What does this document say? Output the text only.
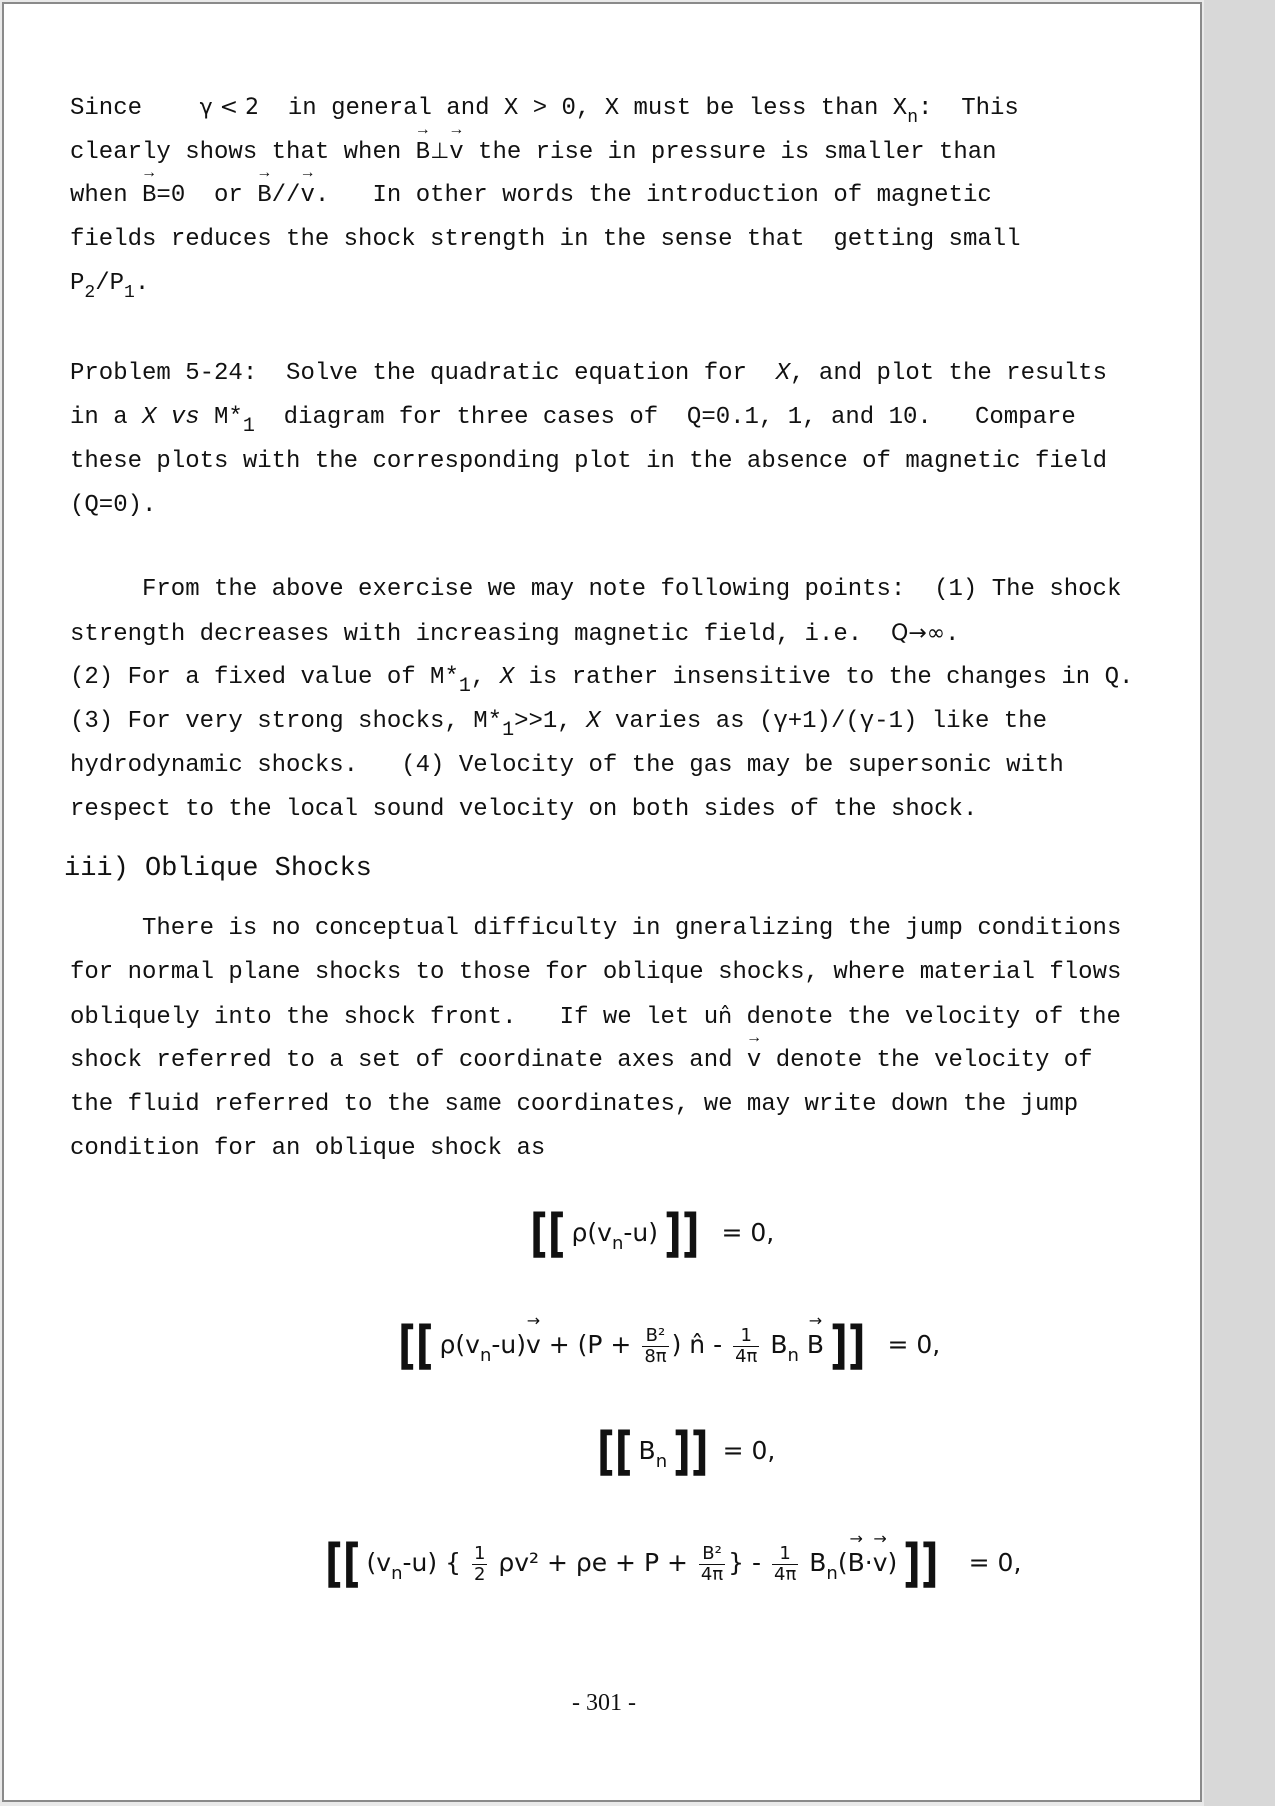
Since	γ < 2 in general and X > 0, X must be less than $X_n$:  This
clearly shows that when → B⊥→ v the rise in pressure is smaller than
when → B=0  or → B//→ v.   In other words the introduction of magnetic
fields reduces the shock strength in the sense that  getting small
$P_2/P_1$.
Problem 5-24:  Solve the quadratic equation for  X, and plot the results
in a X vs $M*_1$  diagram for three cases of  Q=0.1, 1, and 10.   Compare
these plots with the corresponding plot in the absence of magnetic field
(Q=0).
From the above exercise we may note following points:  (1) The shock
strength decreases with increasing magnetic field, i.e.  Q→∞.
(2) For a fixed value of $M*_1$, X is rather insensitive to the changes in Q.
(3) For very strong shocks, $M*_1>>1$, X varies as (γ+1)/(γ-1) like the
hydrodynamic shocks.   (4) Velocity of the gas may be supersonic with
respect to the local sound velocity on both sides of the shock.
iii) Oblique Shocks
There is no conceptual difficulty in gneralizing the jump conditions
for normal plane shocks to those for oblique shocks, where material flows
obliquely into the shock front.   If we let un̂ denote the velocity of the
shock referred to a set of coordinate axes and → v denote the velocity of
the fluid referred to the same coordinates, we may write down the jump
condition for an oblique shock as
[[ $\rho(v_n-u)$ ]] = 0,
[[ $\rho(v_n-u)\to v + (P + \frac{\text{B²}}{8\pi}$ ) n̂ - $\frac{1}{4\pi} B_n \to B$ ]] = 0,
[[ $B_n$ ]] = 0,
[[ $(v_n-u)$ { $\frac{1}{2} \rho v^2 + \rho e + P + \frac{\text{B²}}{4\pi}$ } - $\frac{1}{4\pi} B_n(\to B\cdot\to v)$ ]] = 0,
- 301 -
